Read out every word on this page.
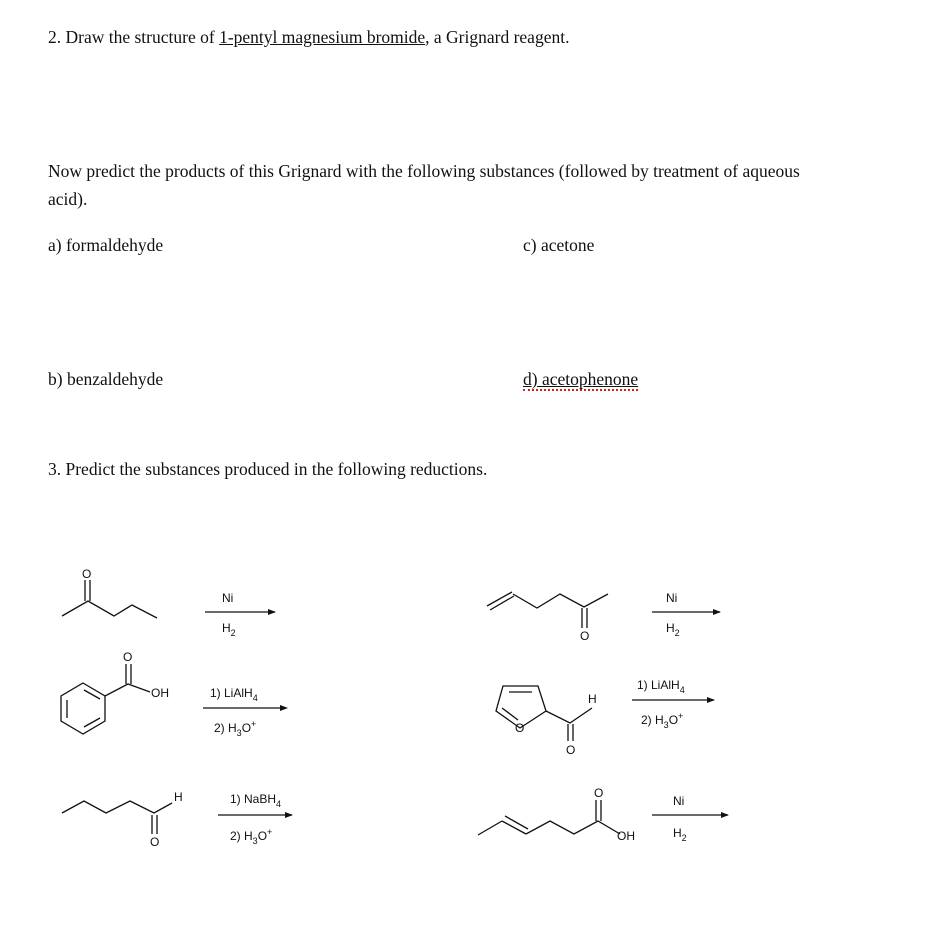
2. Draw the structure of 1-pentyl magnesium bromide, a Grignard reagent.
Now predict the products of this Grignard with the following substances (followed by treatment of aqueous
acid).
a) formaldehyde	c) acetone
b) benzaldehyde	d) acetophenone
3. Predict the substances produced in the following reductions.
O
O
O
OH
O
H
O
H
O
O
OH
Ni
$H_2$
Ni
$H_2$
1) LiAlH$_4$
2) $H_3O^+$
1) LiAlH$_4$
2) $H_3O^+$
1) NaBH$_4$
2) $H_3O^+$
Ni
$H_2$
